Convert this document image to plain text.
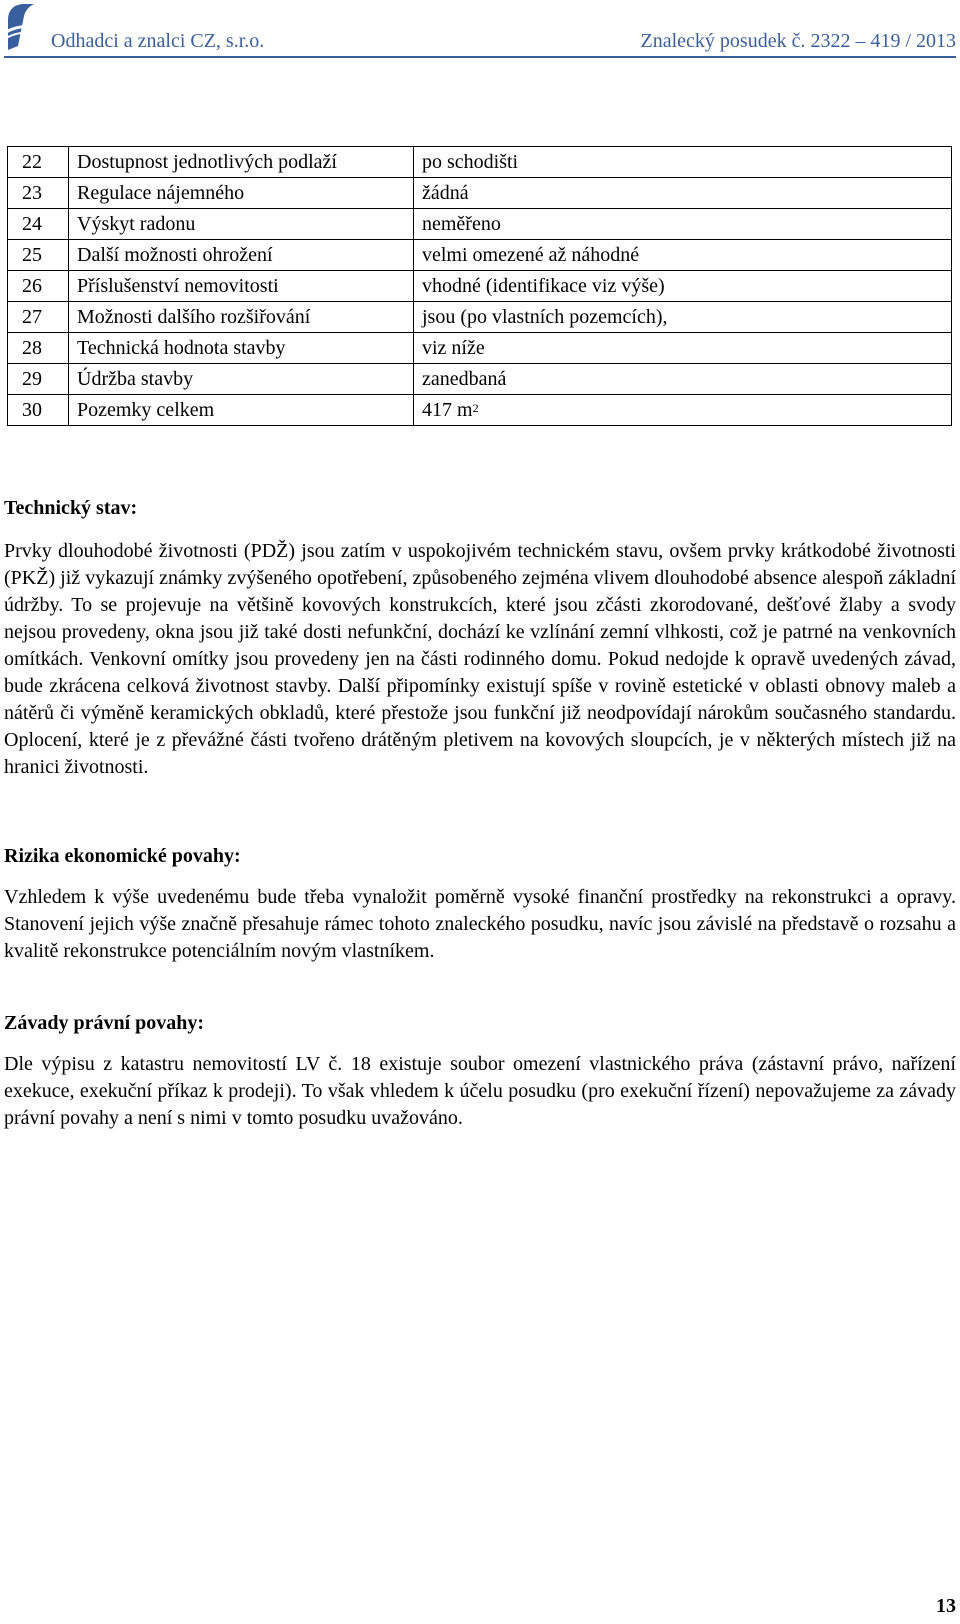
Odhadci a znalci CZ, s.r.o.	Znalecký posudek č. 2322 – 419 / 2013
22	Dostupnost jednotlivých podlaží	po schodišti
23	Regulace nájemného	žádná
24	Výskyt radonu	neměřeno
25	Další možnosti ohrožení	velmi omezené až náhodné
26	Příslušenství nemovitosti	vhodné (identifikace viz výše)
27	Možnosti dalšího rozšiřování	jsou (po vlastních pozemcích),
28	Technická hodnota stavby	viz níže
29	Údržba stavby	zanedbaná
30	Pozemky celkem	417 $m^2$

Technický stav:

Prvky dlouhodobé životnosti (PDŽ) jsou zatím v uspokojivém technickém stavu, ovšem prvky krátkodobé životnosti (PKŽ) již vykazují známky zvýšeného opotřebení, způsobeného zejména vlivem dlouhodobé absence alespoň základní údržby. To se projevuje na většině kovových konstrukcích, které jsou zčásti zkorodované, dešťové žlaby a svody nejsou provedeny, okna jsou již také dosti nefunkční, dochází ke vzlínání zemní vlhkosti, což je patrné na venkovních omítkách. Venkovní omítky jsou provedeny jen na části rodinného domu. Pokud nedojde k opravě uvedených závad, bude zkrácena celková životnost stavby. Další připomínky existují spíše v rovině estetické v oblasti obnovy maleb a nátěrů či výměně keramických obkladů, které přestože jsou funkční již neodpovídají nárokům současného standardu. Oplocení, které je z převážné části tvořeno drátěným pletivem na kovových sloupcích, je v některých místech již na hranici životnosti.

Rizika ekonomické povahy:

Vzhledem k výše uvedenému bude třeba vynaložit poměrně vysoké finanční prostředky na rekonstrukci a opravy. Stanovení jejich výše značně přesahuje rámec tohoto znaleckého posudku, navíc jsou závislé na představě o rozsahu a kvalitě rekonstrukce potenciálním novým vlastníkem.

Závady právní povahy:

Dle výpisu z katastru nemovitostí LV č. 18 existuje soubor omezení vlastnického práva (zástavní právo, nařízení exekuce, exekuční příkaz k prodeji). To však vhledem k účelu posudku (pro exekuční řízení) nepovažujeme za závady právní povahy a není s nimi v tomto posudku uvažováno.

13
